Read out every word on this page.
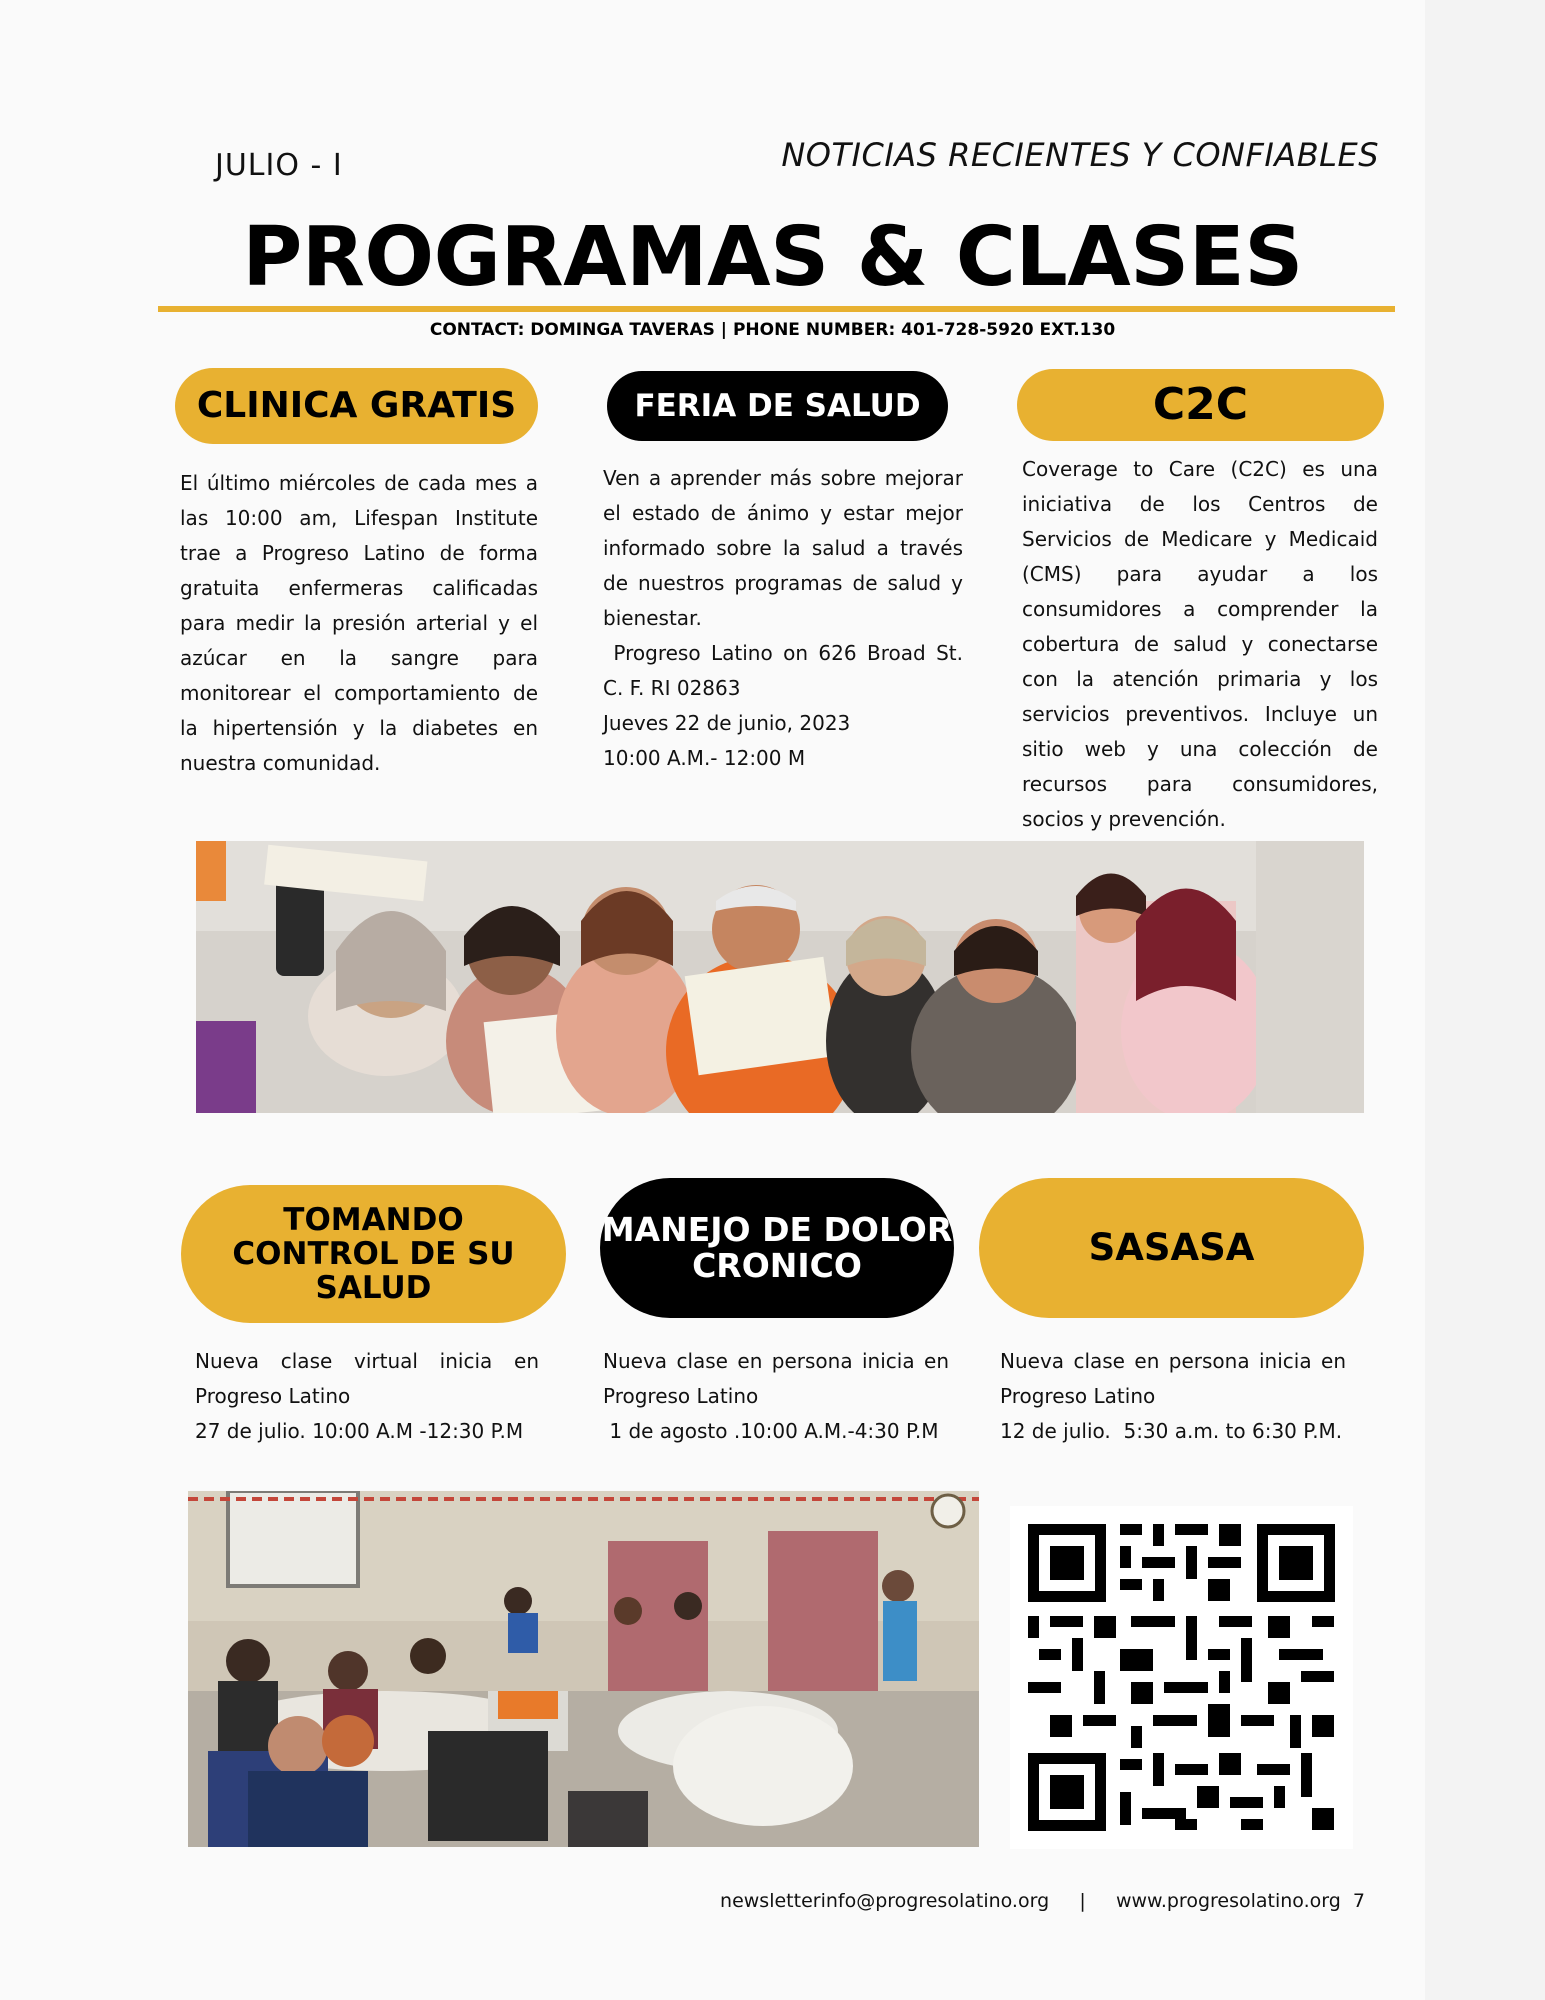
JULIO - I	NOTICIAS RECIENTES Y CONFIABLES
PROGRAMAS & CLASES
CONTACT: DOMINGA TAVERAS | PHONE NUMBER: 401-728-5920 EXT.130
CLINICA GRATIS	FERIA DE SALUD	C2C

El último miércoles de cada mes a las 10:00 am, Lifespan Institute trae a Progreso Latino de forma gratuita enfermeras calificadas para medir la presión arterial y el azúcar en la sangre para monitorear el comportamiento de la hipertensión y la diabetes en nuestra comunidad.

Ven a aprender más sobre mejorar el estado de ánimo y estar mejor informado sobre la salud a través de nuestros programas de salud y bienestar.

Progreso Latino on 626 Broad St. C. F. RI 02863

Jueves 22 de junio, 2023

10:00 A.M.- 12:00 M

Coverage to Care (C2C) es una iniciativa de los Centros de Servicios de Medicare y Medicaid (CMS) para ayudar a los consumidores a comprender la cobertura de salud y conectarse con la atención primaria y los servicios preventivos. Incluye un sitio web y una colección de recursos para consumidores, socios y prevención.

TOMANDO
CONTROL DE SU
SALUD
MANEJO DE DOLOR
CRONICO	SASASA

Nueva clase virtual inicia en Progreso Latino

27 de julio. 10:00 A.M -12:30 P.M

Nueva clase en persona inicia en Progreso Latino

1 de agosto .10:00 A.M.-4:30 P.M

Nueva clase en persona inicia en Progreso Latino

12 de julio.  5:30 a.m. to 6:30 P.M.

newsletterinfo@progresolatino.org | www.progresolatino.org 7
